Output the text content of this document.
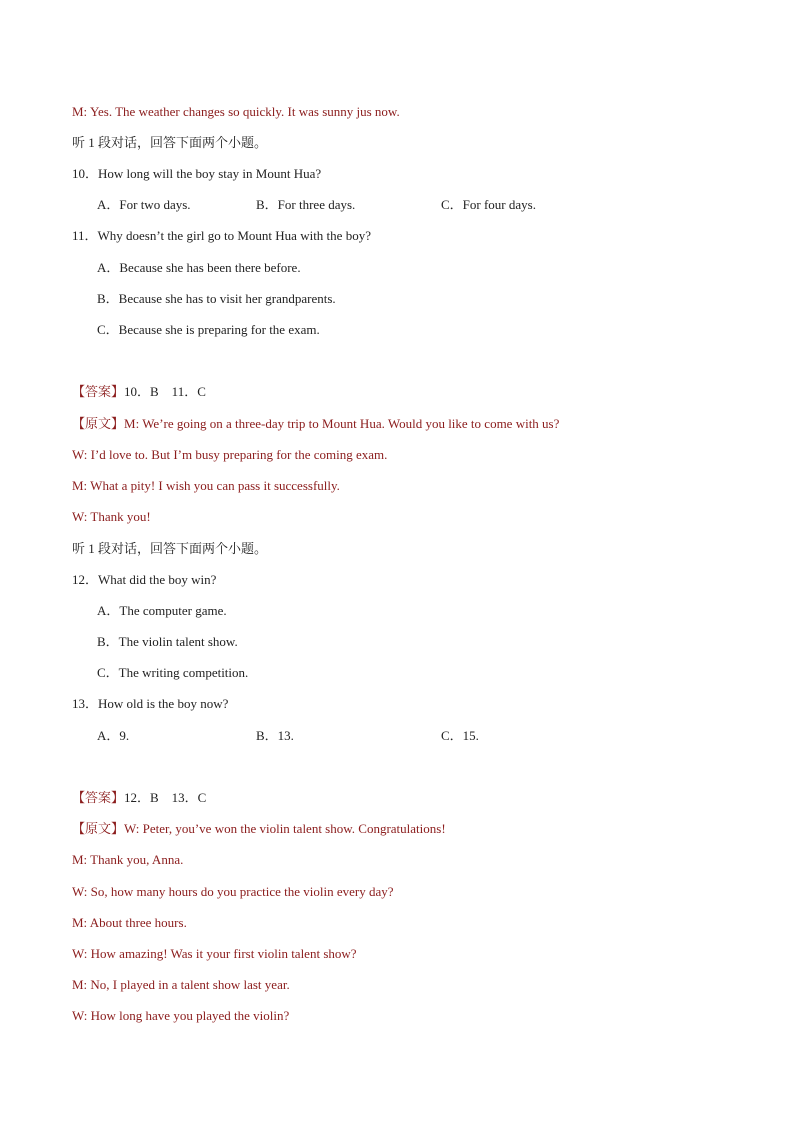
M: Yes. The weather changes so quickly. It was sunny jus now.
听 1 段对话，回答下面两个小题。
10．How long will the boy stay in Mount Hua?
A．For two days.	B．For three days.	C．For four days.
11．Why doesn’t the girl go to Mount Hua with the boy?
A．Because she has been there before.
B．Because she has to visit her grandparents.
C．Because she is preparing for the exam.
【答案】10．B    11．C
【原文】M: We’re going on a three-day trip to Mount Hua. Would you like to come with us?
W: I’d love to. But I’m busy preparing for the coming exam.
M: What a pity! I wish you can pass it successfully.
W: Thank you!
听 1 段对话，回答下面两个小题。
12．What did the boy win?
A．The computer game.
B．The violin talent show.
C．The writing competition.
13．How old is the boy now?
A．9.	B．13.	C．15.
【答案】12．B    13．C
【原文】W: Peter, you’ve won the violin talent show. Congratulations!
M: Thank you, Anna.
W: So, how many hours do you practice the violin every day?
M: About three hours.
W: How amazing! Was it your first violin talent show?
M: No, I played in a talent show last year.
W: How long have you played the violin?
